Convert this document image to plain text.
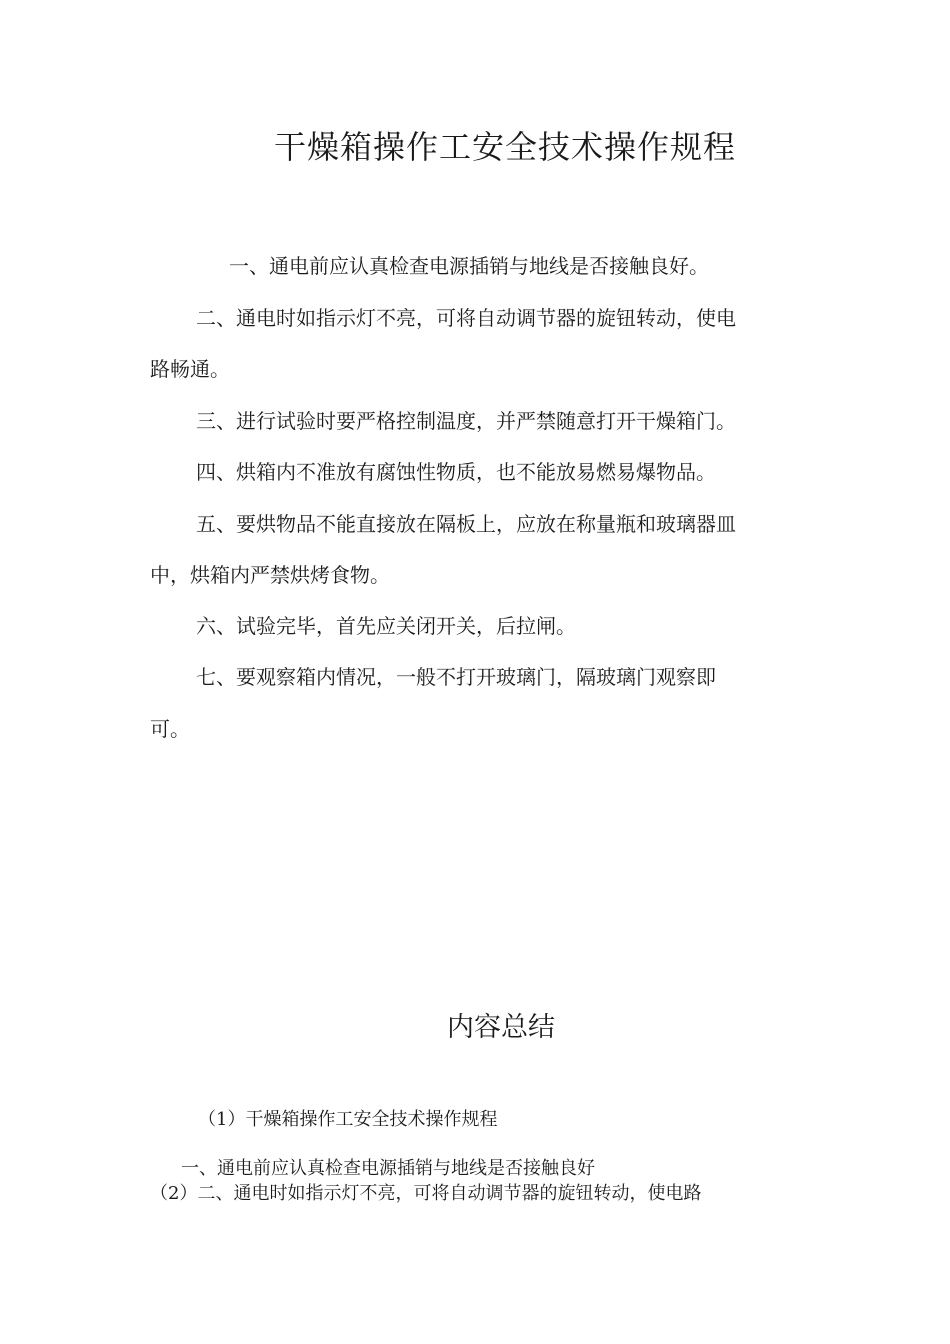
干燥箱操作工安全技术操作规程

一、通电前应认真检查电源插销与地线是否接触良好。

二、通电时如指示灯不亮，可将自动调节器的旋钮转动，使电

路畅通。

三、进行试验时要严格控制温度，并严禁随意打开干燥箱门。

四、烘箱内不准放有腐蚀性物质，也不能放易燃易爆物品。

五、要烘物品不能直接放在隔板上，应放在称量瓶和玻璃器皿

中，烘箱内严禁烘烤食物。

六、试验完毕，首先应关闭开关，后拉闸。

七、要观察箱内情况，一般不打开玻璃门，隔玻璃门观察即

可。

内容总结

（1）干燥箱操作工安全技术操作规程

一、通电前应认真检查电源插销与地线是否接触良好

（2）二、通电时如指示灯不亮，可将自动调节器的旋钮转动，使电路
